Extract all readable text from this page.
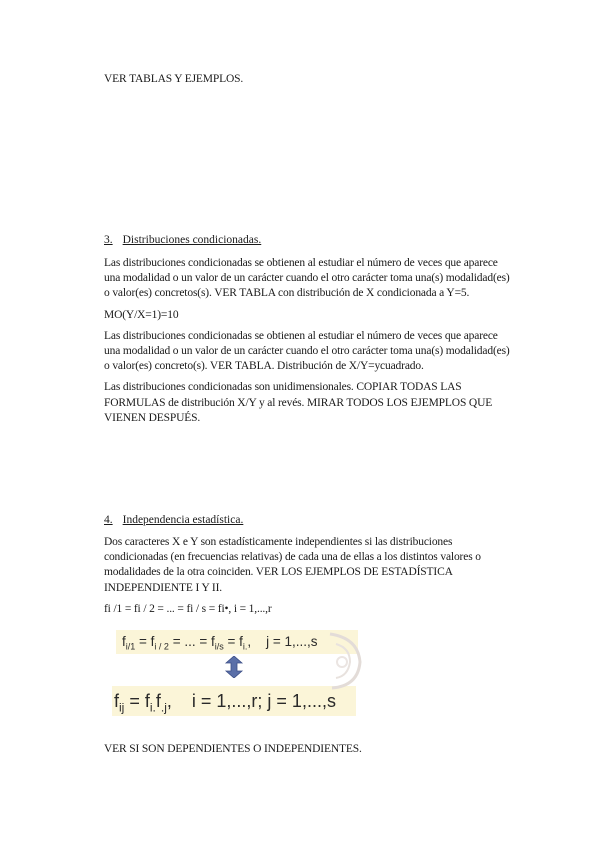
VER TABLAS Y EJEMPLOS.
3. Distribuciones condicionadas.

Las distribuciones condicionadas se obtienen al estudiar el número de veces que aparece una modalidad o un valor de un carácter cuando el otro carácter toma una(s) modalidad(es) o valor(es) concretos(s). VER TABLA con distribución de X condicionada a Y=5.

MO(Y/X=1)=10

Las distribuciones condicionadas se obtienen al estudiar el número de veces que aparece una modalidad o un valor de un carácter cuando el otro carácter toma una(s) modalidad(es) o valor(es) concreto(s). VER TABLA. Distribución de X/Y=ycuadrado.

Las distribuciones condicionadas son unidimensionales. COPIAR TODAS LAS FORMULAS de distribución X/Y y al revés. MIRAR TODOS LOS EJEMPLOS QUE VIENEN DESPUÉS.

4. Independencia estadística.

Dos caracteres X e Y son estadísticamente independientes si las distribuciones condicionadas (en frecuencias relativas) de cada una de ellas a los distintos valores o modalidades de la otra coinciden. VER LOS EJEMPLOS DE ESTADÍSTICA INDEPENDIENTE I Y II.

fi /1 = fi / 2 = ... = fi / s = fi•, i = 1,...,r

$f_{i/1} = f_{i / 2}$ = ... = $f_{i/s} = f_{i.}$,    j = 1,...,s
$f_{ij} = f_{i.}f_{.j}$,    i = 1,...,r; j = 1,...,s
VER SI SON DEPENDIENTES O INDEPENDIENTES.
